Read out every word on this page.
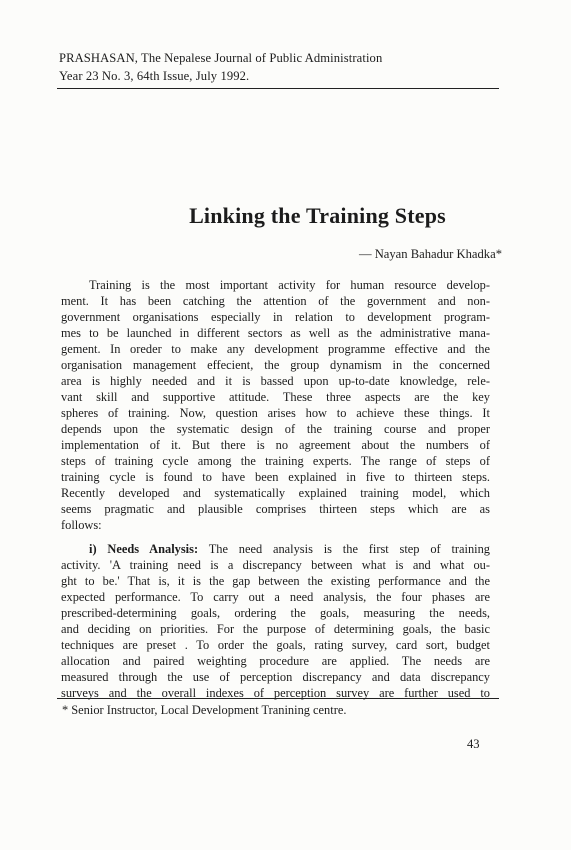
PRASHASAN, The Nepalese Journal of Public Administration
Year 23 No. 3, 64th Issue, July 1992.
Linking the Training Steps
— Nayan Bahadur Khadka*
Training is the most important activity for human resource develop-
ment. It has been catching the attention of the government and non-
government organisations especially in relation to development program-
mes to be launched in different sectors as well as the administrative mana-
gement. In oreder to make any development programme effective and the
organisation management effecient, the group dynamism in the concerned
area is highly needed and it is bassed upon up-to-date knowledge, rele-
vant skill and supportive attitude. These three aspects are the key
spheres of training. Now, question arises how to achieve these things. It
depends upon the systematic design of the training course and proper
implementation of it. But there is no agreement about the numbers of
steps of training cycle among the training experts. The range of steps of
training cycle is found to have been explained in five to thirteen steps.
Recently developed and systematically explained training model, which
seems pragmatic and plausible comprises thirteen steps which are as
follows:
i) Needs Analysis: The need analysis is the first step of training
activity. 'A training need is a discrepancy between what is and what ou-
ght to be.' That is, it is the gap between the existing performance and the
expected performance. To carry out a need analysis, the four phases are
prescribed-determining goals, ordering the goals, measuring the needs,
and deciding on priorities. For the purpose of determining goals, the basic
techniques are preset . To order the goals, rating survey, card sort, budget
allocation and paired weighting procedure are applied. The needs are
measured through the use of perception discrepancy and data discrepancy
surveys and the overall indexes of perception survey are further used to
* Senior Instructor, Local Development Tranining centre.
43
